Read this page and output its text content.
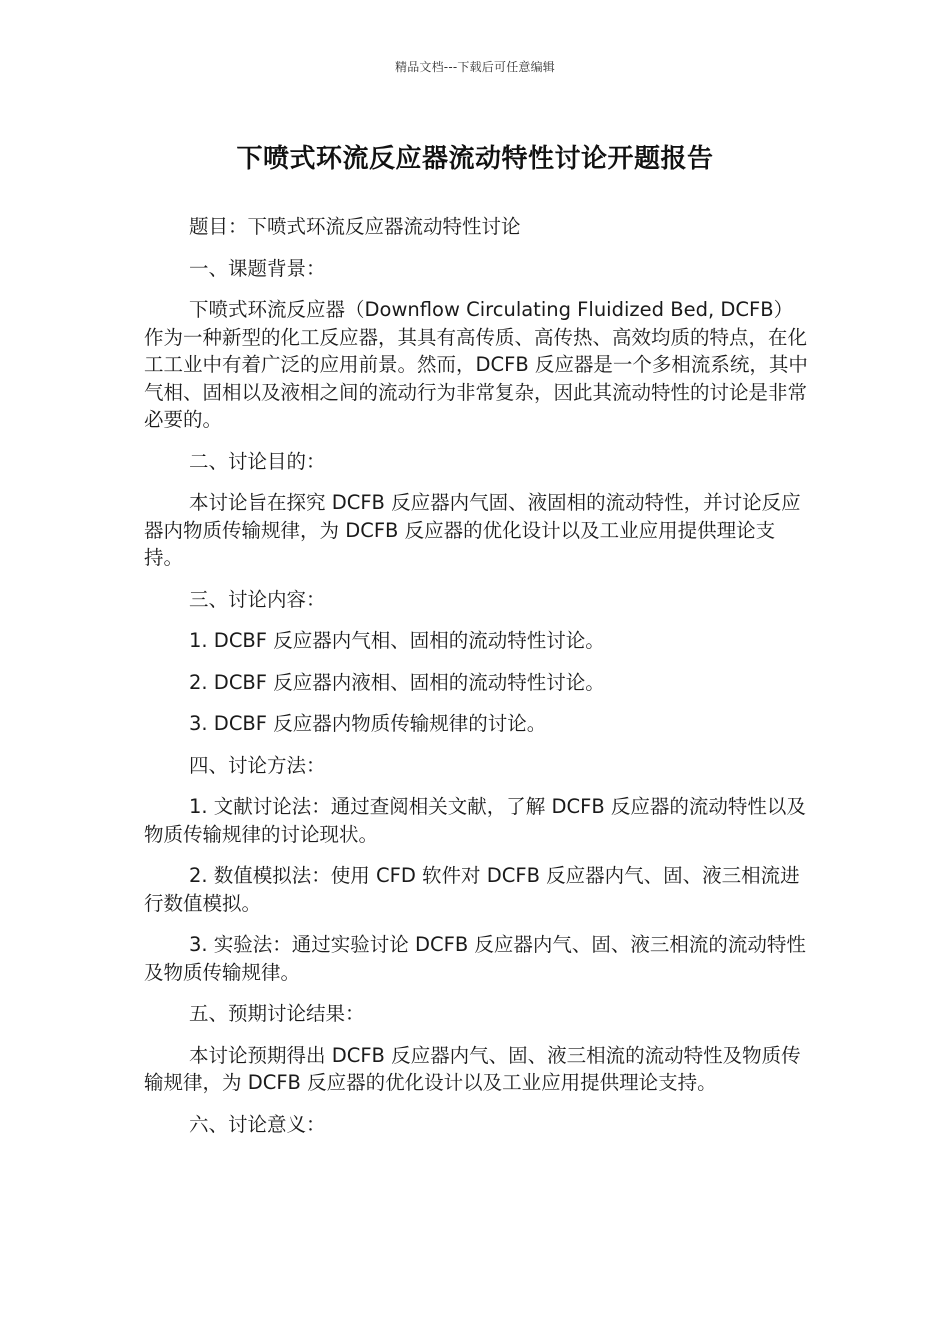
精品文档---下载后可任意编辑
下喷式环流反应器流动特性讨论开题报告

题目：下喷式环流反应器流动特性讨论

一、课题背景：

下喷式环流反应器（Downflow Circulating Fluidized Bed, DCFB）作为一种新型的化工反应器，其具有高传质、高传热、高效均质的特点，在化工工业中有着广泛的应用前景。然而，DCFB 反应器是一个多相流系统，其中气相、固相以及液相之间的流动行为非常复杂，因此其流动特性的讨论是非常必要的。

二、讨论目的：

本讨论旨在探究 DCFB 反应器内气固、液固相的流动特性，并讨论反应器内物质传输规律，为 DCFB 反应器的优化设计以及工业应用提供理论支持。

三、讨论内容：

1. DCBF 反应器内气相、固相的流动特性讨论。

2. DCBF 反应器内液相、固相的流动特性讨论。

3. DCBF 反应器内物质传输规律的讨论。

四、讨论方法：

1. 文献讨论法：通过查阅相关文献，了解 DCFB 反应器的流动特性以及物质传输规律的讨论现状。

2. 数值模拟法：使用 CFD 软件对 DCFB 反应器内气、固、液三相流进行数值模拟。

3. 实验法：通过实验讨论 DCFB 反应器内气、固、液三相流的流动特性及物质传输规律。

五、预期讨论结果：

本讨论预期得出 DCFB 反应器内气、固、液三相流的流动特性及物质传输规律，为 DCFB 反应器的优化设计以及工业应用提供理论支持。

六、讨论意义：
